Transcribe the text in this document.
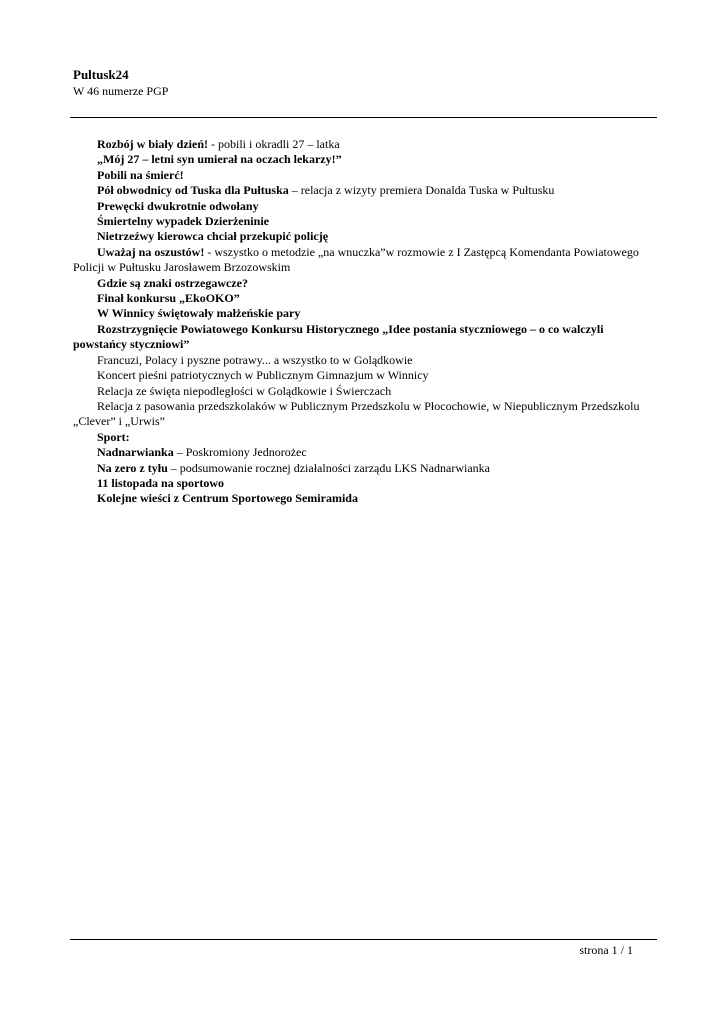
Pultusk24
W 46 numerze PGP

Rozbój w biały dzień! - pobili i okradli 27 – latka

„Mój 27 – letni syn umierał na oczach lekarzy!”

Pobili na śmierć!

Pół obwodnicy od Tuska dla Pułtuska – relacja z wizyty premiera Donalda Tuska w Pułtusku

Prewęcki dwukrotnie odwołany

Śmiertelny wypadek Dzierżeninie

Nietrzeźwy kierowca chciał przekupić policję

Uważaj na oszustów! - wszystko o metodzie „na wnuczka”w rozmowie z I Zastępcą Komendanta Powiatowego Policji w Pułtusku Jarosławem Brzozowskim

Gdzie są znaki ostrzegawcze?

Finał konkursu „EkoOKO”

W Winnicy świętowały małżeńskie pary

Rozstrzygnięcie Powiatowego Konkursu Historycznego „Idee postania styczniowego – o co walczyli powstańcy styczniowi”

Francuzi, Polacy i pyszne potrawy... a wszystko to w Golądkowie

Koncert pieśni patriotycznych w Publicznym Gimnazjum w Winnicy

Relacja ze święta niepodległości w Golądkowie i Świerczach

Relacja z pasowania przedszkolaków w Publicznym Przedszkolu w Płocochowie, w Niepublicznym Przedszkolu „Clever” i „Urwis”

Sport:

Nadnarwianka – Poskromiony Jednorożec

Na zero z tyłu – podsumowanie rocznej działalności zarządu LKS Nadnarwianka

11 listopada na sportowo

Kolejne wieści z Centrum Sportowego Semiramida

strona 1 / 1
